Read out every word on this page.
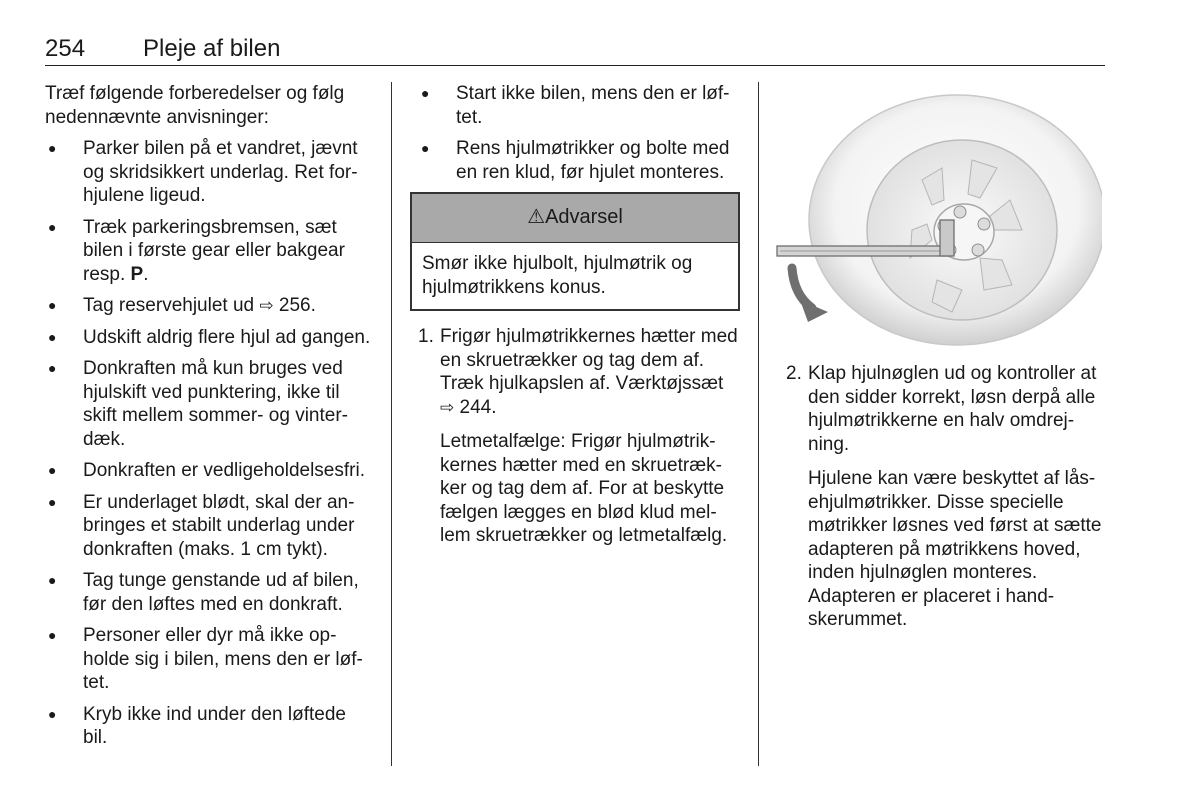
254 Pleje af bilen

Træf følgende forberedelser og følg nedennævnte anvisninger:

● Parker bilen på et vandret, jævnt og skridsikkert underlag. Ret forhjulene ligeud.
● Træk parkeringsbremsen, sæt bilen i første gear eller bakgear resp. P.
● Tag reservehjulet ud ⇨ 256.
● Udskift aldrig flere hjul ad gangen.
● Donkraften må kun bruges ved hjulskift ved punktering, ikke til skift mellem sommer- og vinterdæk.
● Donkraften er vedligeholdelsesfri.
● Er underlaget blødt, skal der anbringes et stabilt underlag under donkraften (maks. 1 cm tykt).
● Tag tunge genstande ud af bilen, før den løftes med en donkraft.
● Personer eller dyr må ikke opholde sig i bilen, mens den er løftet.
● Kryb ikke ind under den løftede bil.
● Start ikke bilen, mens den er løftet.
● Rens hjulmøtrikker og bolte med en ren klud, før hjulet monteres.
⚠ Advarsel
Smør ikke hjulbolt, hjulmøtrik og hjulmøtrikkens konus.
1. Frigør hjulmøtrikkernes hætter med en skruetrækker og tag dem af. Træk hjulkapslen af. Værktøjssæt ⇨ 244.

Letmetalfælge: Frigør hjulmøtrikkernes hætter med en skruetrækker og tag dem af. For at beskytte fælgen lægges en blød klud mellem skruetrækker og letmetalfælg.

2. Klap hjulnøglen ud og kontroller at den sidder korrekt, løsn derpå alle hjulmøtrikkerne en halv omdrejning.

Hjulene kan være beskyttet af låsehjulmøtrikker. Disse specielle møtrikker løsnes ved først at sætte adapteren på møtrikkens hoved, inden hjulnøglen monteres. Adapteren er placeret i handskerummet.
